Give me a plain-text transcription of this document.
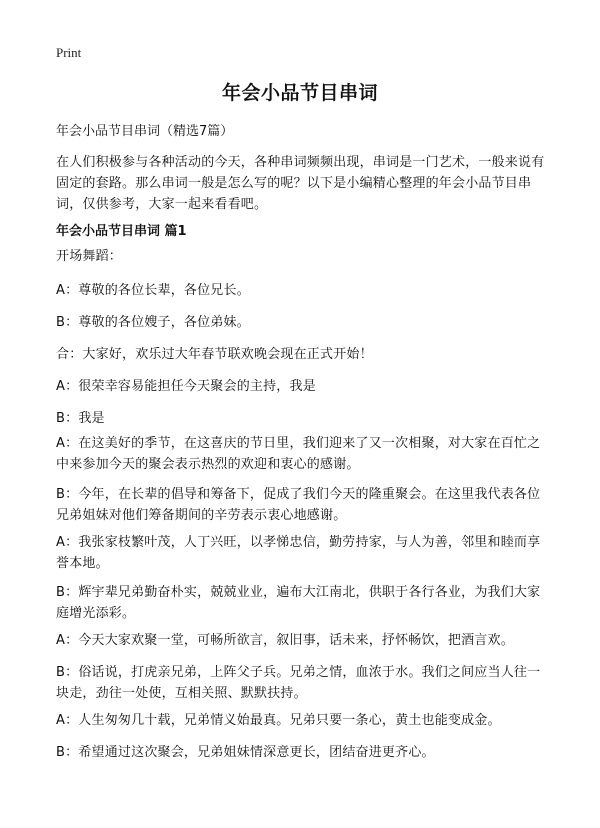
Print
年会小品节目串词
年会小品节目串词（精选7篇）
在人们积极参与各种活动的今天，各种串词频频出现，串词是一门艺术，一般来说有固定的套路。那么串词一般是怎么写的呢？以下是小编精心整理的年会小品节目串词，仅供参考，大家一起来看看吧。
年会小品节目串词 篇1
开场舞蹈：
A：尊敬的各位长辈，各位兄长。
B：尊敬的各位嫂子，各位弟妹。
合：大家好，欢乐过大年春节联欢晚会现在正式开始！
A：很荣幸容易能担任今天聚会的主持，我是
B：我是
A：在这美好的季节，在这喜庆的节日里，我们迎来了又一次相聚，对大家在百忙之中来参加今天的聚会表示热烈的欢迎和衷心的感谢。
B：今年，在长辈的倡导和筹备下，促成了我们今天的隆重聚会。在这里我代表各位兄弟姐妹对他们筹备期间的辛劳表示衷心地感谢。
A：我张家枝繁叶茂，人丁兴旺，以孝悌忠信，勤劳持家，与人为善，邻里和睦而享誉本地。
B：辉宇辈兄弟勤奋朴实，兢兢业业，遍布大江南北，供职于各行各业，为我们大家庭增光添彩。
A：今天大家欢聚一堂，可畅所欲言，叙旧事，话未来，抒怀畅饮，把酒言欢。
B：俗话说，打虎亲兄弟，上阵父子兵。兄弟之情，血浓于水。我们之间应当人往一块走，劲往一处使，互相关照、默默扶持。
A：人生匆匆几十载，兄弟情义始最真。兄弟只要一条心，黄土也能变成金。
B：希望通过这次聚会，兄弟姐妹情深意更长，团结奋进更齐心。
